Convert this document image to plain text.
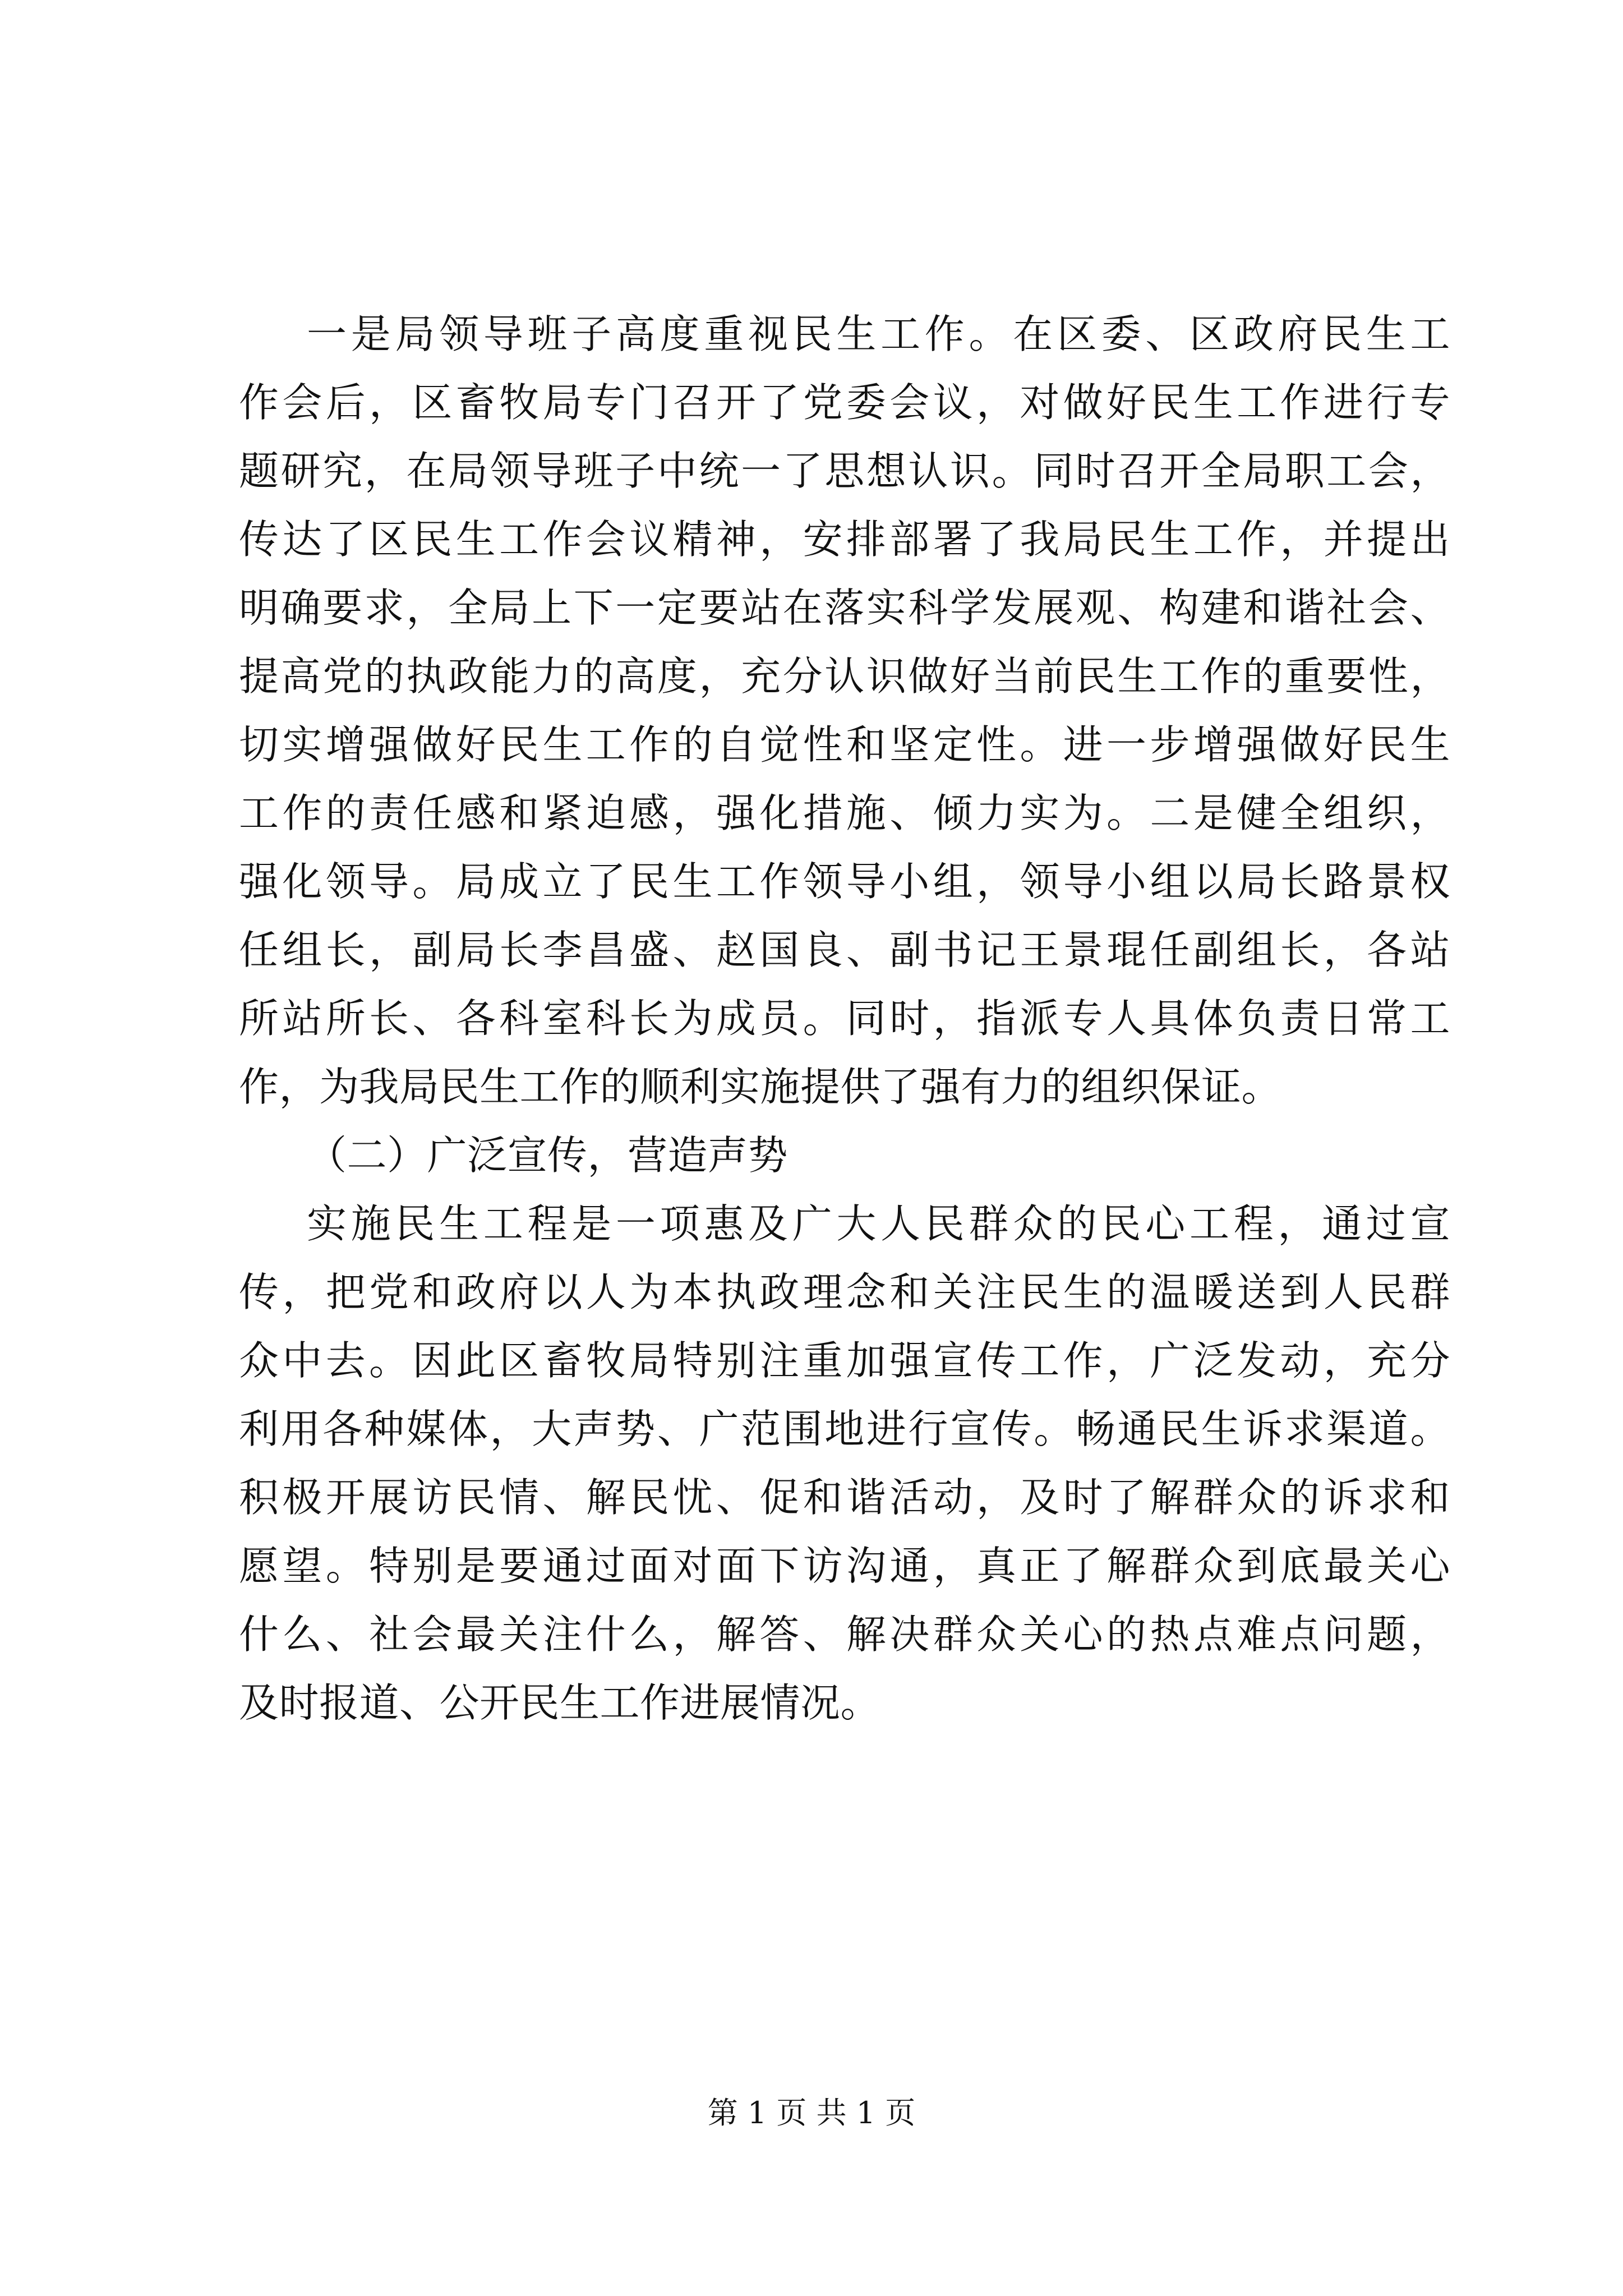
一是局领导班子高度重视民生工作。在区委、区政府民生工
作会后，区畜牧局专门召开了党委会议，对做好民生工作进行专
题研究，在局领导班子中统一了思想认识。同时召开全局职工会，
传达了区民生工作会议精神，安排部署了我局民生工作，并提出
明确要求，全局上下一定要站在落实科学发展观、构建和谐社会、
提高党的执政能力的高度，充分认识做好当前民生工作的重要性，
切实增强做好民生工作的自觉性和坚定性。进一步增强做好民生
工作的责任感和紧迫感，强化措施、倾力实为。二是健全组织，
强化领导。局成立了民生工作领导小组，领导小组以局长路景权
任组长，副局长李昌盛、赵国良、副书记王景琨任副组长，各站
所站所长、各科室科长为成员。同时，指派专人具体负责日常工
作，为我局民生工作的顺利实施提供了强有力的组织保证。
（二）广泛宣传，营造声势
实施民生工程是一项惠及广大人民群众的民心工程，通过宣
传，把党和政府以人为本执政理念和关注民生的温暖送到人民群
众中去。因此区畜牧局特别注重加强宣传工作，广泛发动，充分
利用各种媒体，大声势、广范围地进行宣传。畅通民生诉求渠道。
积极开展访民情、解民忧、促和谐活动，及时了解群众的诉求和
愿望。特别是要通过面对面下访沟通，真正了解群众到底最关心
什么、社会最关注什么，解答、解决群众关心的热点难点问题，
及时报道、公开民生工作进展情况。
第 1 页 共 1 页
